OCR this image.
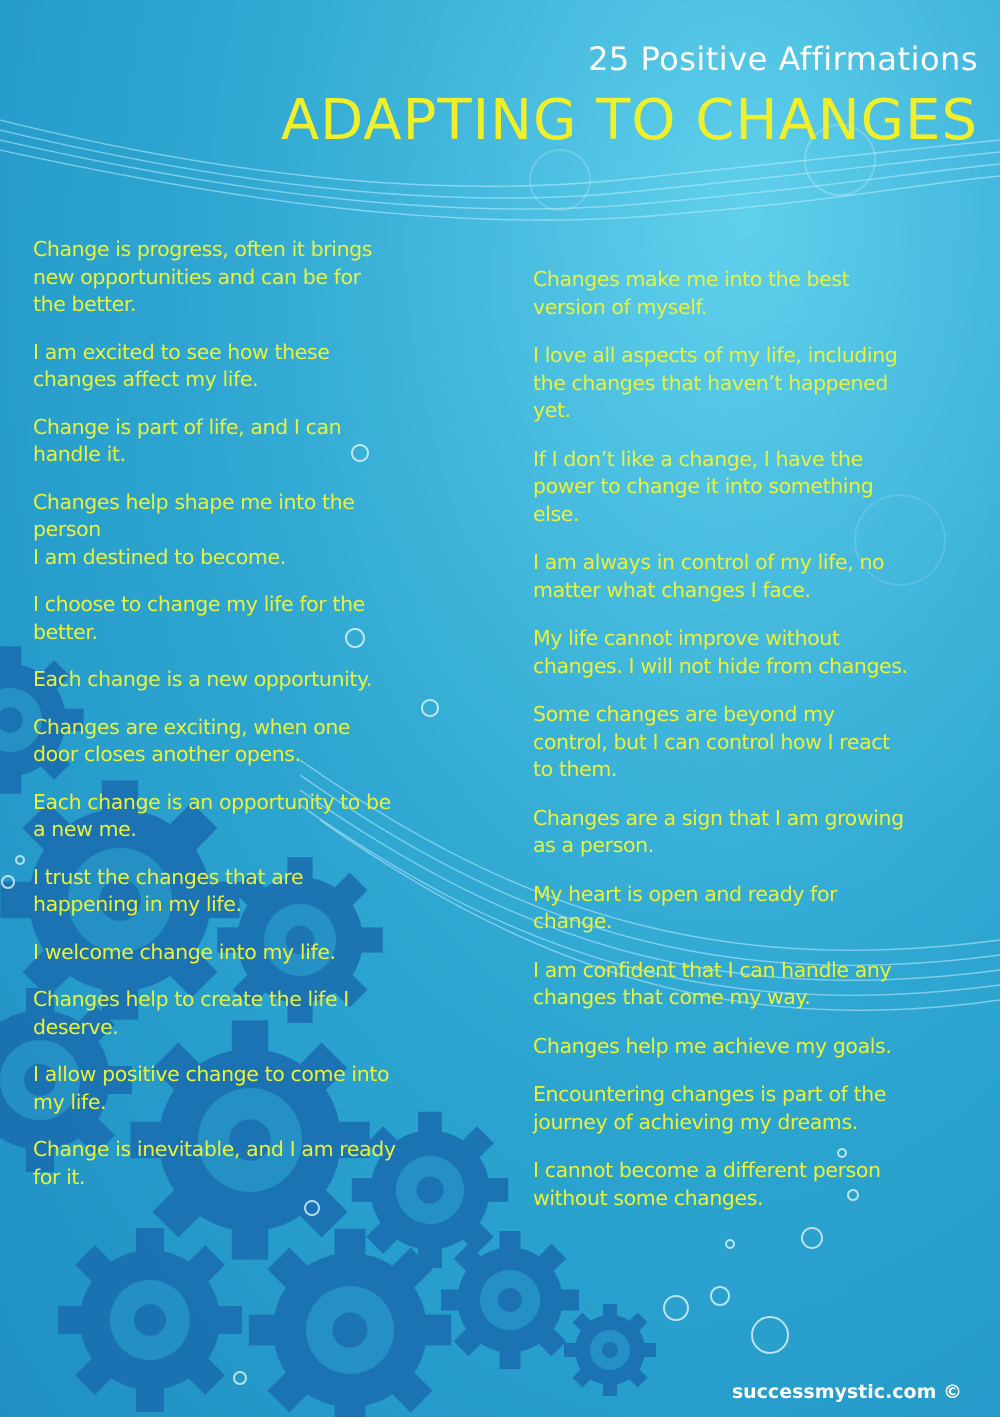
25 Positive Affirmations
ADAPTING TO CHANGES
Change is progress, often it brings
new opportunities and can be for
the better.
I am excited to see how these
changes affect my life.
Change is part of life, and I can
handle it.
Changes help shape me into the
person
I am destined to become.
I choose to change my life for the
better.
Each change is a new opportunity.
Changes are exciting, when one
door closes another opens.
Each change is an opportunity to be
a new me.
I trust the changes that are
happening in my life.
I welcome change into my life.
Changes help to create the life I
deserve.
I allow positive change to come into
my life.
Change is inevitable, and I am ready
for it.
Changes make me into the best
version of myself.
I love all aspects of my life, including
the changes that haven’t happened
yet.
If I don’t like a change, I have the
power to change it into something
else.
I am always in control of my life, no
matter what changes I face.
My life cannot improve without
changes. I will not hide from changes.
Some changes are beyond my
control, but I can control how I react
to them.
Changes are a sign that I am growing
as a person.
My heart is open and ready for
change.
I am confident that I can handle any
changes that come my way.
Changes help me achieve my goals.
Encountering changes is part of the
journey of achieving my dreams.
I cannot become a different person
without some changes.
successmystic.com ©
